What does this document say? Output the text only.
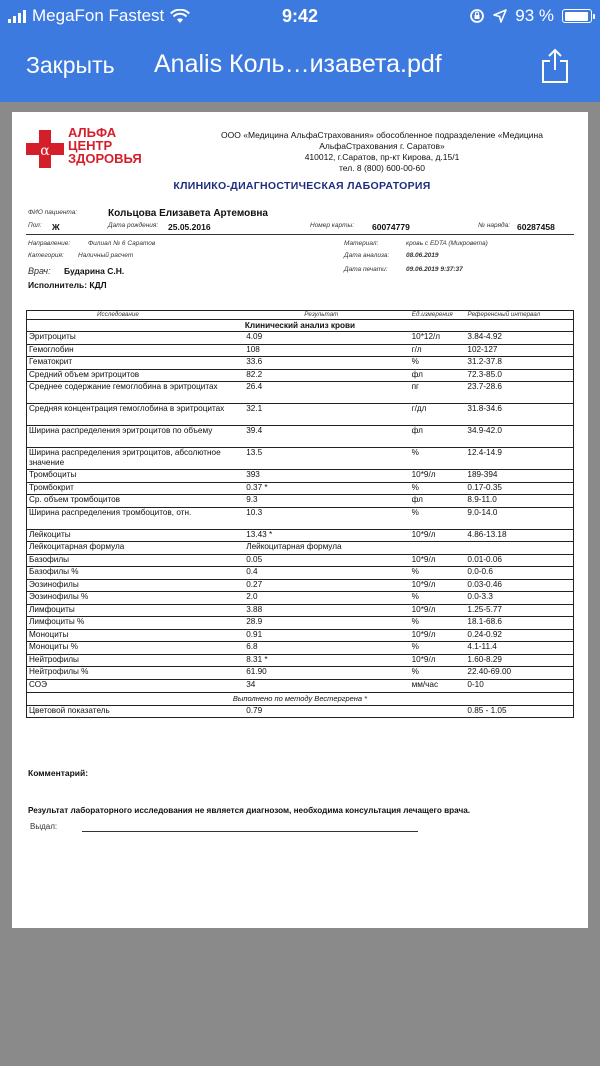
MegaFon Fastest	9:42	93 %
Закрыть Analis Коль…изавета.pdf
α
АЛЬФА
ЦЕНТР
ЗДОРОВЬЯ
ООО «Медицина АльфаСтрахования» обособленное подразделение «Медицина
АльфаСтрахования г. Саратов»
410012, г.Саратов, пр-кт Кирова, д.15/1
тел. 8 (800) 600-00-60
КЛИНИКО-ДИАГНОСТИЧЕСКАЯ ЛАБОРАТОРИЯ
ФИО пациента:	Кольцова Елизавета Артемовна
Пол: Ж	Дата рождения: 25.05.2016	Номер карты: 60074779	№ наряда: 60287458
Направление:	Филиал № 6 Саратов
Категория: Наличный расчет
Материал:	кровь с EDTA (Микровета)
Дата анализа:	08.06.2019
Врач: Бударина С.Н.	Дата печати:	09.06.2019 9:37:37
Исполнитель: КДЛ
Исследование	Результат	Ед.измерения	Референсный интервал
Клинический анализ крови
Эритроциты	4.09	10*12/л	3.84-4.92
Гемоглобин	108	г/л	102-127
Гематокрит	33.6	%	31.2-37.8
Средний объем эритроцитов	82.2	фл	72.3-85.0
Среднее содержание гемоглобина в эритроцитах	26.4	пг	23.7-28.6
Средняя концентрация гемоглобина в эритроцитах	32.1	г/дл	31.8-34.6
Ширина распределения эритроцитов по объему	39.4	фл	34.9-42.0
Ширина распределения эритроцитов, абсолютное значение
13.5	%	12.4-14.9
Тромбоциты	393	10*9/л	189-394
Тромбокрит	0.37 *	%	0.17-0.35
Ср. объем тромбоцитов	9.3	фл	8.9-11.0
Ширина распределения тромбоцитов, отн.	10.3	%	9.0-14.0
Лейкоциты	13.43 *	10*9/л	4.86-13.18
Лейкоцитарная формула	Лейкоцитарная формула
Базофилы	0.05	10*9/л	0.01-0.06
Базофилы %	0.4	%	0.0-0.6
Эозинофилы	0.27	10*9/л	0.03-0.46
Эозинофилы %	2.0	%	0.0-3.3
Лимфоциты	3.88	10*9/л	1.25-5.77
Лимфоциты %	28.9	%	18.1-68.6
Моноциты	0.91	10*9/л	0.24-0.92
Моноциты %	6.8	%	4.1-11.4
Нейтрофилы	8.31 *	10*9/л	1.60-8.29
Нейтрофилы %	61.90	%	22.40-69.00
СОЭ	34	мм/час	0-10
Выполнено по методу Вестергрена *
Цветовой показатель	0.79	0.85 - 1.05
Комментарий:
Результат лабораторного исследования не является диагнозом, необходима консультация лечащего врача.
Выдал:
